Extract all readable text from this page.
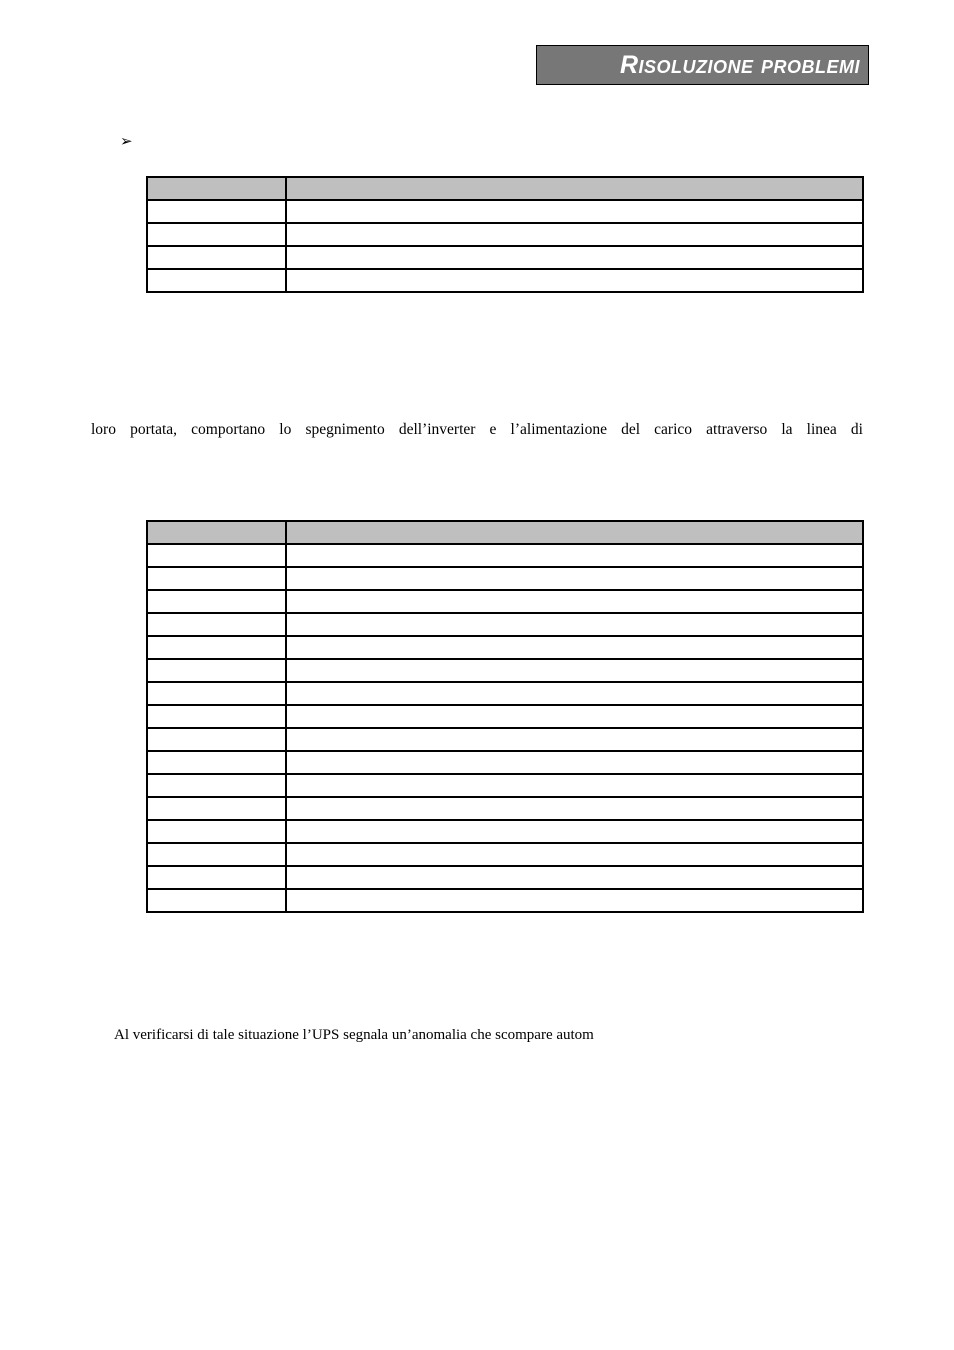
Risoluzione problemi
➢

loro portata, comportano lo spegnimento dell’inverter e l’alimentazione del carico attraverso la linea di

Al verificarsi di tale situazione l’UPS segnala un’anomalia che scompare autom
